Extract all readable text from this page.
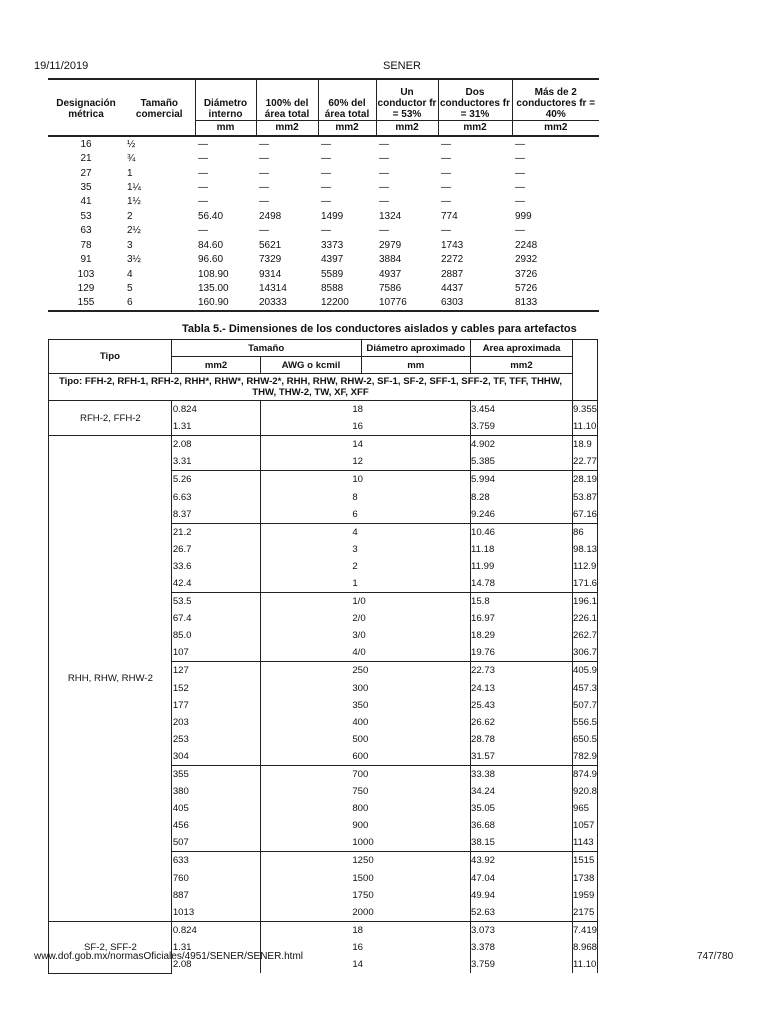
19/11/2019	SENER
Designación métrica	Tamaño comercial	Diámetro interno	100% del área total	60% del área total	Un conductor fr = 53%	Dos conductores fr = 31%	Más de 2 conductores fr = 40%
		mm	mm2	mm2	mm2	mm2	mm2
16	½	—	—	—	—	—	—
21	¾	—	—	—	—	—	—
27	1	—	—	—	—	—	—
35	1¼	—	—	—	—	—	—
41	1½	—	—	—	—	—	—
53	2	56.40	2498	1499	1324	774	999
63	2½	—	—	—	—	—	—
78	3	84.60	5621	3373	2979	1743	2248
91	3½	96.60	7329	4397	3884	2272	2932
103	4	108.90	9314	5589	4937	2887	3726
129	5	135.00	14314	8588	7586	4437	5726
155	6	160.90	20333	12200	10776	6303	8133
Tabla 5.- Dimensiones de los conductores aislados y cables para artefactos
Tipo	Tamaño		Diámetro aproximado	Area aproximada	
	mm2	AWG o kcmil	mm	mm2	
Tipo: FFH-2, RFH-1, RFH-2, RHH*, RHW*, RHW-2*, RHH, RHW, RHW-2, SF-1, SF-2, SFF-1, SFF-2, TF, TFF, THHW, THW, THW-2, TW, XF, XFF					
RFH-2, FFH-2	0.824	18		3.454	9.355
	1.31	16		3.759	11.10
RHH, RHW, RHW-2	2.08	14		4.902	18.9
	3.31	12		5.385	22.77
	5.26	10		5.994	28.19
	6.63	8		8.28	53.87
	8.37	6		9.246	67.16
	21.2	4		10.46	86
	26.7	3		11.18	98.13
	33.6	2		11.99	112.9
	42.4	1		14.78	171.6
	53.5	1/0		15.8	196.1
	67.4	2/0		16.97	226.1
	85.0	3/0		18.29	262.7
	107	4/0		19.76	306.7
	127	250		22.73	405.9
	152	300		24.13	457.3
	177	350		25.43	507.7
	203	400		26.62	556.5
	253	500		28.78	650.5
	304	600		31.57	782.9
	355	700		33.38	874.9
	380	750		34.24	920.8
	405	800		35.05	965
	456	900		36.68	1057
	507	1000		38.15	1143
	633	1250		43.92	1515
	760	1500		47.04	1738
	887	1750		49.94	1959
	1013	2000		52.63	2175
SF-2, SFF-2	0.824	18		3.073	7.419
	1.31	16		3.378	8.968
	2.08	14		3.759	11.10
www.dof.gob.mx/normasOficiales/4951/SENER/SENER.html	747/780
